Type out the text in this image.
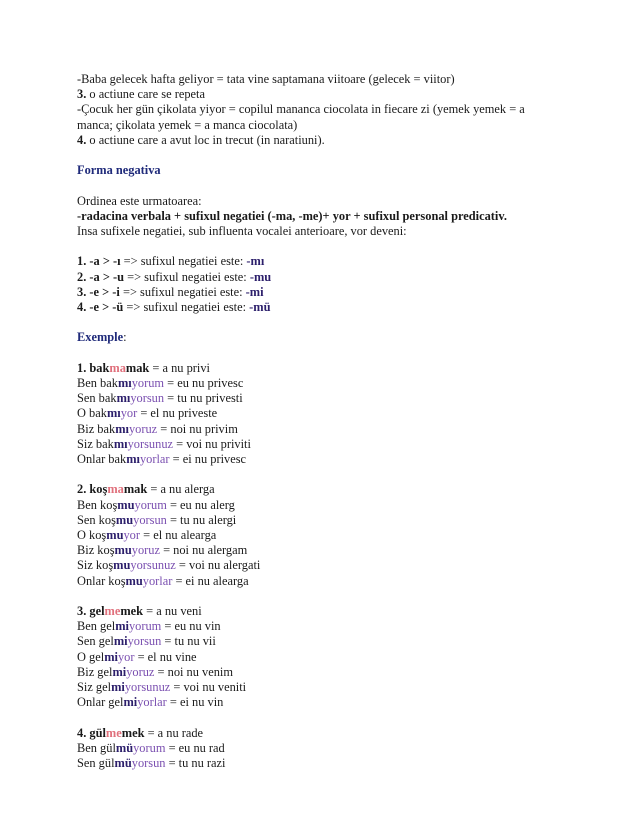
-Baba gelecek hafta geliyor = tata vine saptamana viitoare (gelecek = viitor)
3. o actiune care se repeta
-Çocuk her gün çikolata yiyor = copilul mananca ciocolata in fiecare zi (yemek yemek = a
manca; çikolata yemek = a manca ciocolata)
4. o actiune care a avut loc in trecut (in naratiuni).
Forma negativa
Ordinea este urmatoarea:
-radacina verbala + sufixul negatiei (-ma, -me)+ yor + sufixul personal predicativ.
Insa sufixele negatiei, sub influenta vocalei anterioare, vor deveni:
1. -a > -ı => sufixul negatiei este: -mı
2. -a > -u => sufixul negatiei este: -mu
3. -e > -i => sufixul negatiei este: -mi
4. -e > -ü => sufixul negatiei este: -mü
Exemple:
1. bakmamak = a nu privi
Ben bakmıyorum = eu nu privesc
Sen bakmıyorsun = tu nu privesti
O bakmıyor = el nu priveste
Biz bakmıyoruz = noi nu privim
Siz bakmıyorsunuz = voi nu priviti
Onlar bakmıyorlar = ei nu privesc
2. koşmamak = a nu alerga
Ben koşmuyorum = eu nu alerg
Sen koşmuyorsun = tu nu alergi
O koşmuyor = el nu alearga
Biz koşmuyoruz = noi nu alergam
Siz koşmuyorsunuz = voi nu alergati
Onlar koşmuyorlar = ei nu alearga
3. gelmemek = a nu veni
Ben gelmiyorum = eu nu vin
Sen gelmiyorsun = tu nu vii
O gelmiyor = el nu vine
Biz gelmiyoruz = noi nu venim
Siz gelmiyorsunuz = voi nu veniti
Onlar gelmiyorlar = ei nu vin
4. gülmemek = a nu rade
Ben gülmüyorum = eu nu rad
Sen gülmüyorsun = tu nu razi
